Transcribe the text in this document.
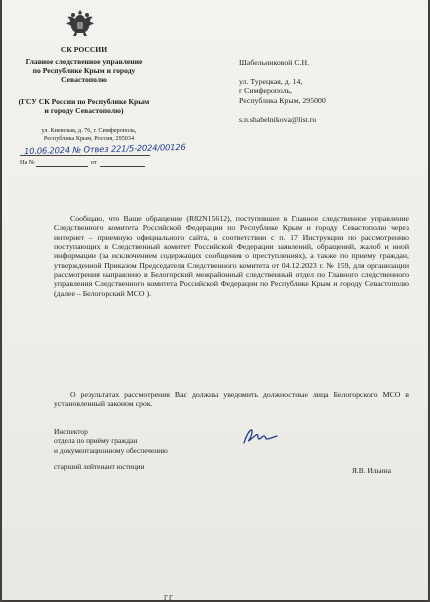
СК РОССИИ
Главное следственное управление
по Республике Крым и городу
Севастополю
(ГСУ СК России по Республике Крым
и городу Севастополю)
ул. Киевская, д. 76, г. Симферополь,
Республика Крым, Россия, 295034
10.06.2024 № Отвез 221/5-2024/00126
На №	от
Шабельниковой С.Н.
ул. Турецкая, д. 14,
г Симферополь,
Республика Крым, 295000
s.n.shabelnikova@list.ru
Сообщаю, что Ваше обращение (R82N15612), поступившее в Главное следственное управление Следственного комитета Российской Федерации по Республике Крым и городу Севастополю через интернет – приемную официального сайта, в соответствии с п. 17 Инструкции по рассмотрению поступающих в Следственный комитет Российской Федерации заявлений, обращений, жалоб и иной информации (за исключением содержащих сообщения о преступлениях), а также по приему граждан, утвержденной Приказом Председателя Следственного комитета от 04.12.2023 г. № 159, для организации рассмотрения направлено в Белогорский межрайонный следственный отдел по Главного следственного управления Следственного комитета Российской Федерации по Республике Крым и городу Севастополю (далее – Белогорский МСО ).
О результатах рассмотрения Вас должны уведомить должностные лица Белогорского МСО в установленный законом срок.
Инспектор
отдела по приёму граждан
и документационному обеспечению
старший лейтенант юстиции	Я.В. Ильина
ГГ
